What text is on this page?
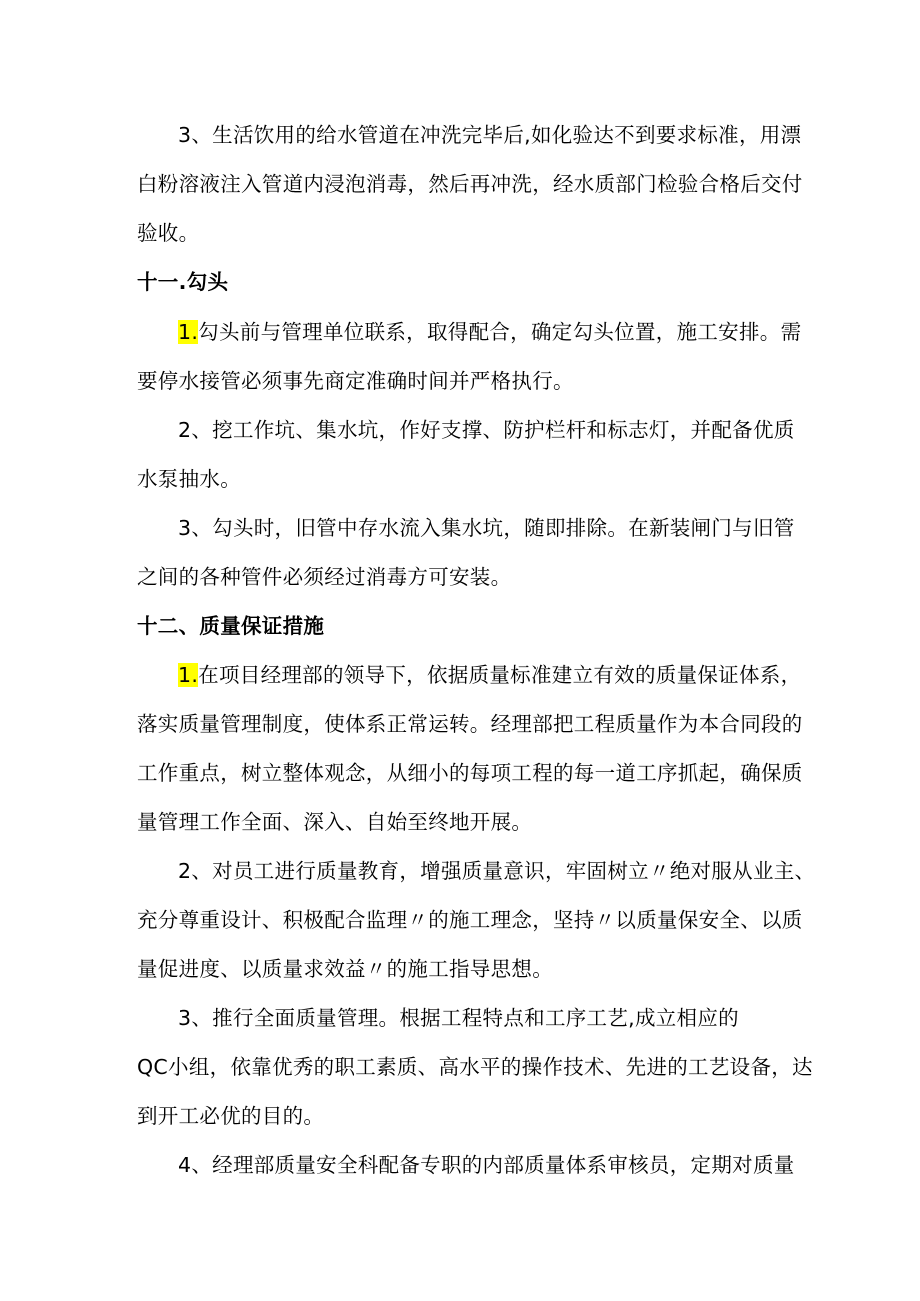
3、生活饮用的给水管道在冲洗完毕后,如化验达不到要求标准，用漂
白粉溶液注入管道内浸泡消毒，然后再冲洗，经水质部门检验合格后交付
验收。
十一.勾头
1.勾头前与管理单位联系，取得配合，确定勾头位置，施工安排。需
要停水接管必须事先商定准确时间并严格执行。
2、挖工作坑、集水坑，作好支撑、防护栏杆和标志灯，并配备优质
水泵抽水。
3、勾头时，旧管中存水流入集水坑，随即排除。在新装闸门与旧管
之间的各种管件必须经过消毒方可安装。
十二、质量保证措施
1.在项目经理部的领导下，依据质量标准建立有效的质量保证体系，
落实质量管理制度，使体系正常运转。经理部把工程质量作为本合同段的
工作重点，树立整体观念，从细小的每项工程的每一道工序抓起，确保质
量管理工作全面、深入、自始至终地开展。
2、对员工进行质量教育，增强质量意识，牢固树立〃绝对服从业主、
充分尊重设计、积极配合监理〃的施工理念，坚持〃以质量保安全、以质
量促进度、以质量求效益〃的施工指导思想。
3、推行全面质量管理。根据工程特点和工序工艺,成立相应的
QC小组，依靠优秀的职工素质、高水平的操作技术、先进的工艺设备，达
到开工必优的目的。
4、经理部质量安全科配备专职的内部质量体系审核员，定期对质量
